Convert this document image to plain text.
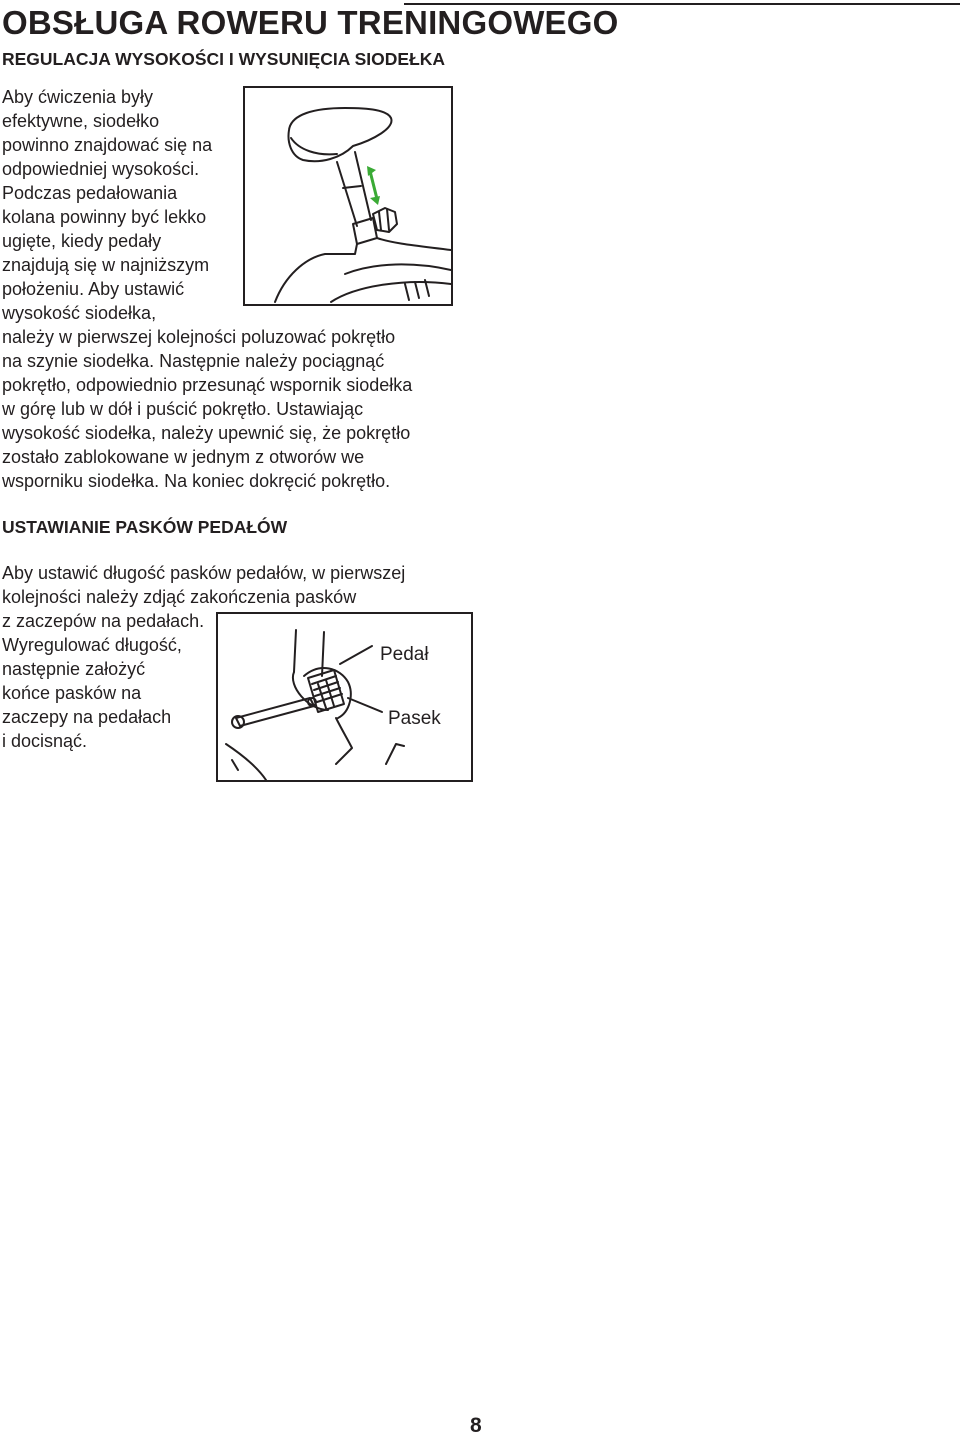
OBSŁUGA ROWERU TRENINGOWEGO
REGULACJA WYSOKOŚCI I WYSUNIĘCIA SIODEŁKA
Aby ćwiczenia były
efektywne, siodełko
powinno znajdować się na
odpowiedniej wysokości.
Podczas pedałowania
kolana powinny być lekko
ugięte, kiedy pedały
znajdują się w najniższym
położeniu. Aby ustawić
wysokość siodełka,
należy w pierwszej kolejności poluzować pokrętło
na szynie siodełka. Następnie należy pociągnąć
pokrętło, odpowiednio przesunąć wspornik siodełka
w górę lub w dół i puścić pokrętło. Ustawiając
wysokość siodełka, należy upewnić się, że pokrętło
zostało zablokowane w jednym z otworów we
wsporniku siodełka. Na koniec dokręcić pokrętło.
USTAWIANIE PASKÓW PEDAŁÓW
Aby ustawić długość pasków pedałów, w pierwszej
kolejności należy zdjąć zakończenia pasków
z zaczepów na pedałach.
Wyregulować długość,
następnie założyć
końce pasków na
zaczepy na pedałach
i docisnąć.
Pedał
Pasek
8
